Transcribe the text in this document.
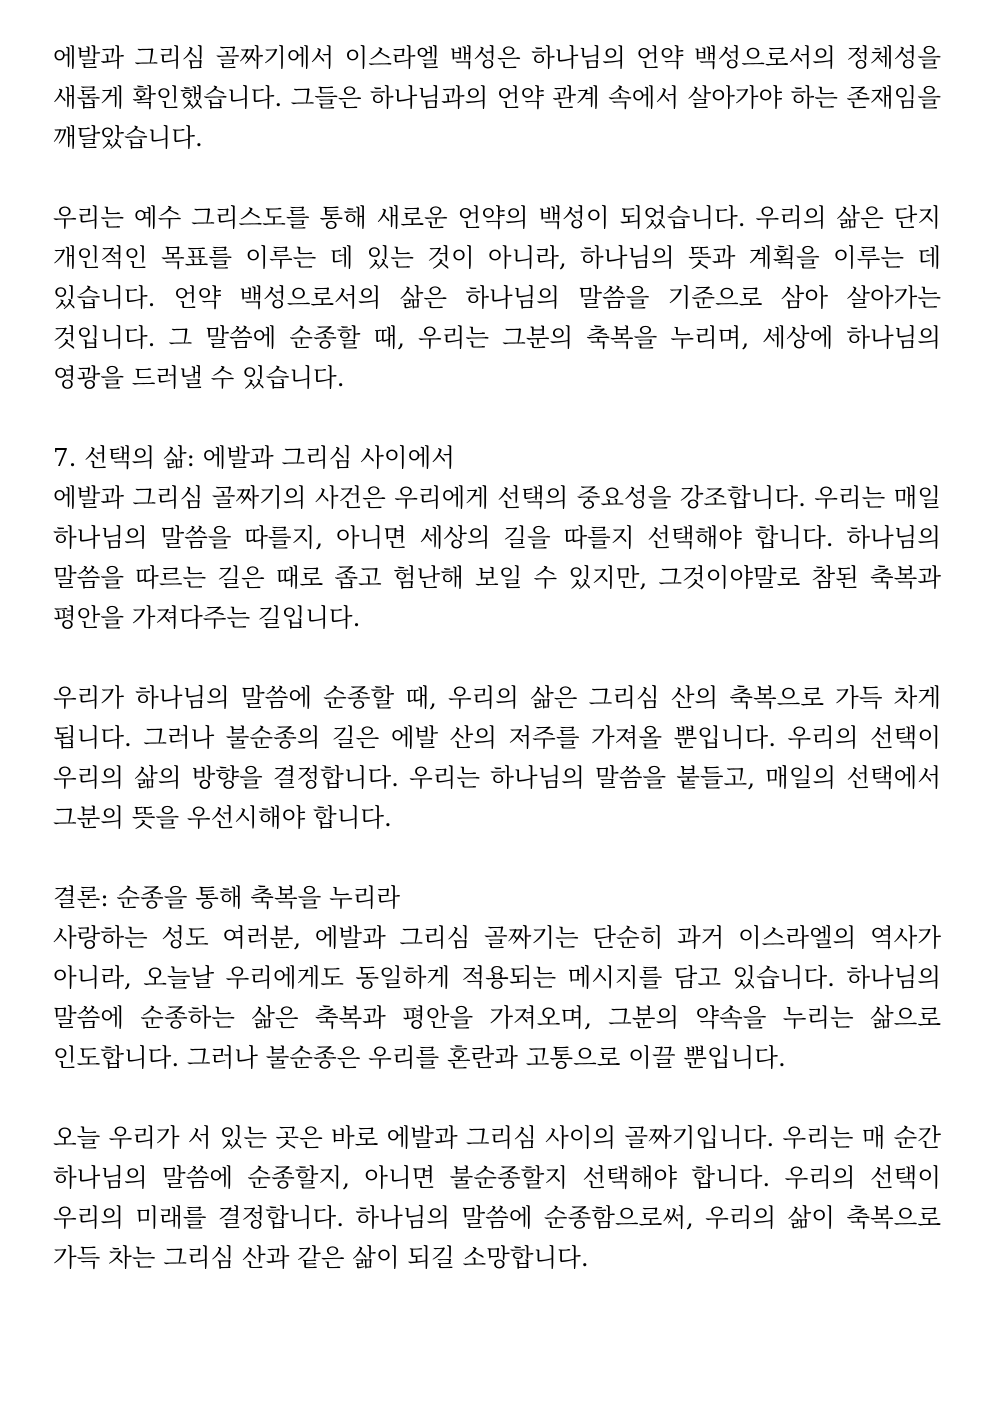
에발과 그리심 골짜기에서 이스라엘 백성은 하나님의 언약 백성으로서의 정체성을 새롭게 확인했습니다. 그들은 하나님과의 언약 관계 속에서 살아가야 하는 존재임을 깨달았습니다.

우리는 예수 그리스도를 통해 새로운 언약의 백성이 되었습니다. 우리의 삶은 단지 개인적인 목표를 이루는 데 있는 것이 아니라, 하나님의 뜻과 계획을 이루는 데 있습니다. 언약 백성으로서의 삶은 하나님의 말씀을 기준으로 삼아 살아가는 것입니다. 그 말씀에 순종할 때, 우리는 그분의 축복을 누리며, 세상에 하나님의 영광을 드러낼 수 있습니다.

7. 선택의 삶: 에발과 그리심 사이에서

에발과 그리심 골짜기의 사건은 우리에게 선택의 중요성을 강조합니다. 우리는 매일 하나님의 말씀을 따를지, 아니면 세상의 길을 따를지 선택해야 합니다. 하나님의 말씀을 따르는 길은 때로 좁고 험난해 보일 수 있지만, 그것이야말로 참된 축복과 평안을 가져다주는 길입니다.

우리가 하나님의 말씀에 순종할 때, 우리의 삶은 그리심 산의 축복으로 가득 차게 됩니다. 그러나 불순종의 길은 에발 산의 저주를 가져올 뿐입니다. 우리의 선택이 우리의 삶의 방향을 결정합니다. 우리는 하나님의 말씀을 붙들고, 매일의 선택에서 그분의 뜻을 우선시해야 합니다.

결론: 순종을 통해 축복을 누리라

사랑하는 성도 여러분, 에발과 그리심 골짜기는 단순히 과거 이스라엘의 역사가 아니라, 오늘날 우리에게도 동일하게 적용되는 메시지를 담고 있습니다. 하나님의 말씀에 순종하는 삶은 축복과 평안을 가져오며, 그분의 약속을 누리는 삶으로 인도합니다. 그러나 불순종은 우리를 혼란과 고통으로 이끌 뿐입니다.

오늘 우리가 서 있는 곳은 바로 에발과 그리심 사이의 골짜기입니다. 우리는 매 순간 하나님의 말씀에 순종할지, 아니면 불순종할지 선택해야 합니다. 우리의 선택이 우리의 미래를 결정합니다. 하나님의 말씀에 순종함으로써, 우리의 삶이 축복으로 가득 차는 그리심 산과 같은 삶이 되길 소망합니다.
